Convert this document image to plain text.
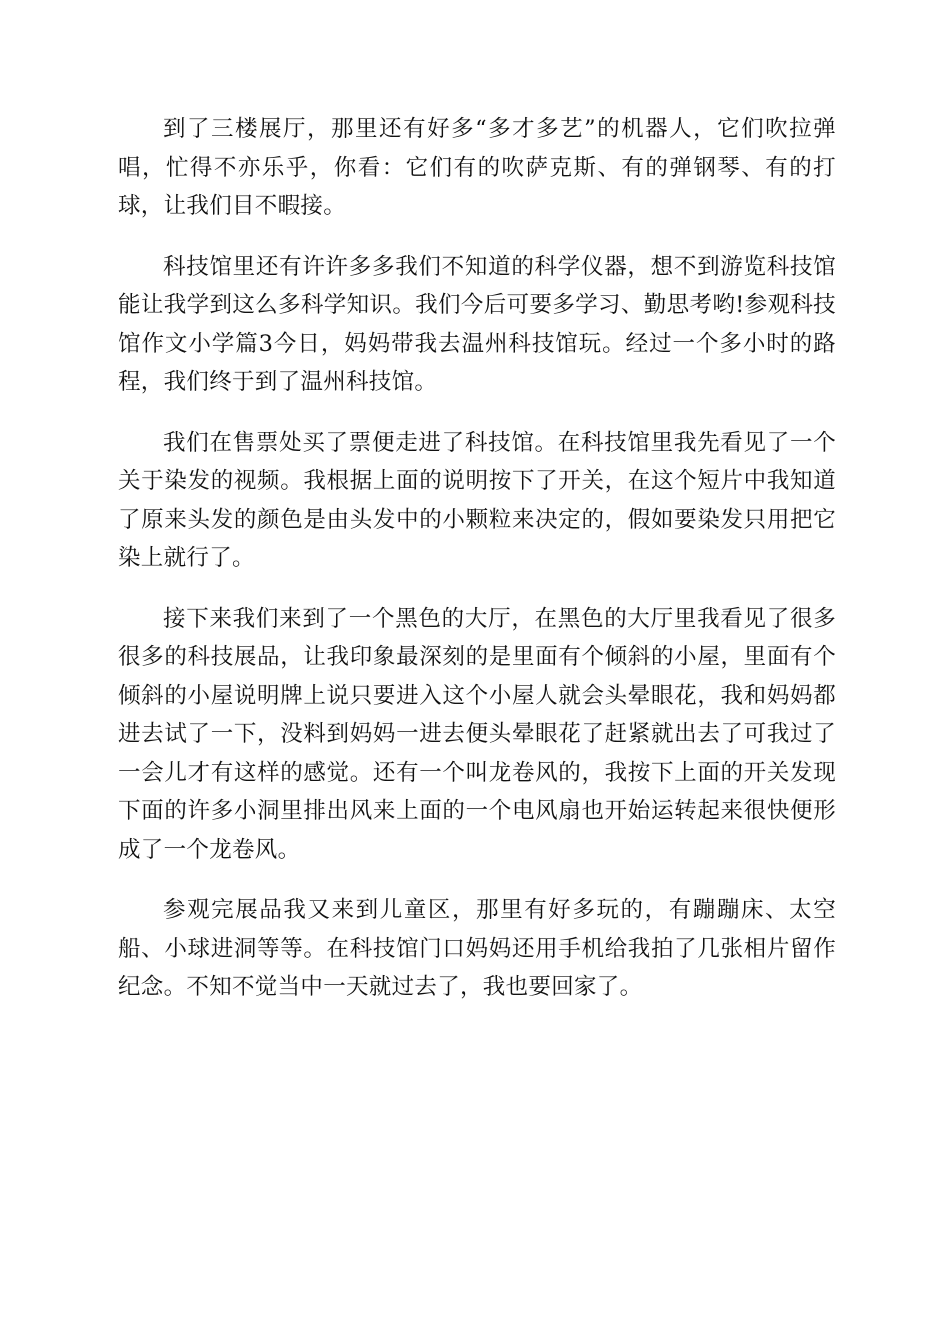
到了三楼展厅，那里还有好多“多才多艺”的机器人，它们吹拉弹唱，忙得不亦乐乎，你看：它们有的吹萨克斯、有的弹钢琴、有的打球，让我们目不暇接。

科技馆里还有许许多多我们不知道的科学仪器，想不到游览科技馆能让我学到这么多科学知识。我们今后可要多学习、勤思考哟!参观科技馆作文小学篇3今日，妈妈带我去温州科技馆玩。经过一个多小时的路程，我们终于到了温州科技馆。

我们在售票处买了票便走进了科技馆。在科技馆里我先看见了一个关于染发的视频。我根据上面的说明按下了开关，在这个短片中我知道了原来头发的颜色是由头发中的小颗粒来决定的，假如要染发只用把它染上就行了。

接下来我们来到了一个黑色的大厅，在黑色的大厅里我看见了很多很多的科技展品，让我印象最深刻的是里面有个倾斜的小屋，里面有个倾斜的小屋说明牌上说只要进入这个小屋人就会头晕眼花，我和妈妈都进去试了一下，没料到妈妈一进去便头晕眼花了赶紧就出去了可我过了一会儿才有这样的感觉。还有一个叫龙卷风的，我按下上面的开关发现下面的许多小洞里排出风来上面的一个电风扇也开始运转起来很快便形成了一个龙卷风。

参观完展品我又来到儿童区，那里有好多玩的，有蹦蹦床、太空船、小球进洞等等。在科技馆门口妈妈还用手机给我拍了几张相片留作纪念。不知不觉当中一天就过去了，我也要回家了。
